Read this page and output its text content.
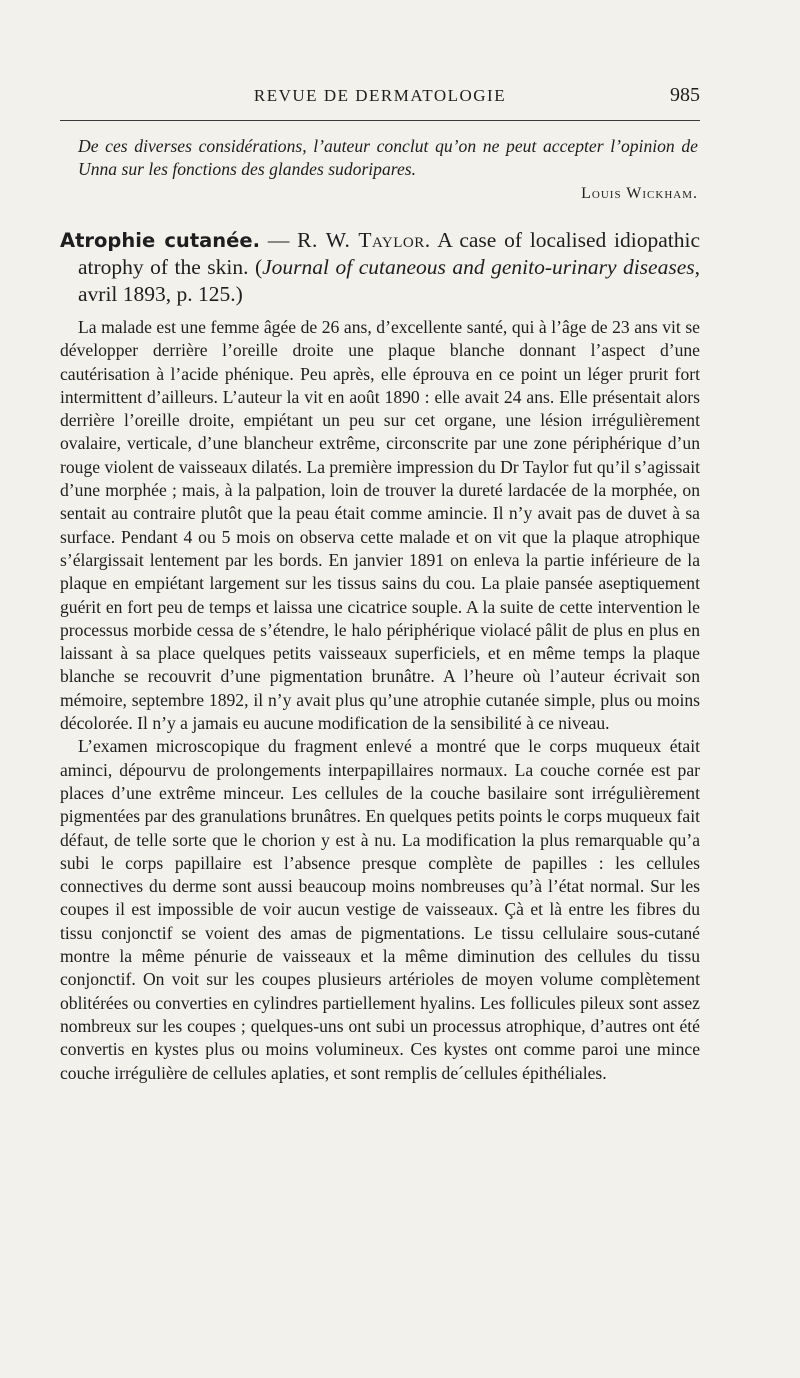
REVUE DE DERMATOLOGIE	985

De ces diverses considérations, l’auteur conclut qu’on ne peut accepter l’opinion de Unna sur les fonctions des glandes sudoripares.

Louis Wickham.
Atrophie cutanée. — R. W. Taylor. A case of localised idiopathic atrophy of the skin. (Journal of cutaneous and genito-urinary diseases, avril 1893, p. 125.)

La malade est une femme âgée de 26 ans, d’excellente santé, qui à l’âge de 23 ans vit se développer derrière l’oreille droite une plaque blanche donnant l’aspect d’une cautérisation à l’acide phénique. Peu après, elle éprouva en ce point un léger prurit fort intermittent d’ailleurs. L’auteur la vit en août 1890 : elle avait 24 ans. Elle présentait alors derrière l’oreille droite, empiétant un peu sur cet organe, une lésion irrégulièrement ovalaire, verticale, d’une blancheur extrême, circonscrite par une zone périphérique d’un rouge violent de vaisseaux dilatés. La première impression du Dr Taylor fut qu’il s’agissait d’une morphée ; mais, à la palpation, loin de trouver la dureté lardacée de la morphée, on sentait au contraire plutôt que la peau était comme amincie. Il n’y avait pas de duvet à sa surface. Pendant 4 ou 5 mois on observa cette malade et on vit que la plaque atrophique s’élargissait lentement par les bords. En janvier 1891 on enleva la partie inférieure de la plaque en empiétant largement sur les tissus sains du cou. La plaie pansée aseptiquement guérit en fort peu de temps et laissa une cicatrice souple. A la suite de cette intervention le processus morbide cessa de s’étendre, le halo périphérique violacé pâlit de plus en plus en laissant à sa place quelques petits vaisseaux superficiels, et en même temps la plaque blanche se recouvrit d’une pigmentation brunâtre. A l’heure où l’auteur écrivait son mémoire, septembre 1892, il n’y avait plus qu’une atrophie cutanée simple, plus ou moins décolorée. Il n’y a jamais eu aucune modification de la sensibilité à ce niveau.

L’examen microscopique du fragment enlevé a montré que le corps muqueux était aminci, dépourvu de prolongements interpapillaires normaux. La couche cornée est par places d’une extrême minceur. Les cellules de la couche basilaire sont irrégulièrement pigmentées par des granulations brunâtres. En quelques petits points le corps muqueux fait défaut, de telle sorte que le chorion y est à nu. La modification la plus remarquable qu’a subi le corps papillaire est l’absence presque complète de papilles : les cellules connectives du derme sont aussi beaucoup moins nombreuses qu’à l’état normal. Sur les coupes il est impossible de voir aucun vestige de vaisseaux. Çà et là entre les fibres du tissu conjonctif se voient des amas de pigmentations. Le tissu cellulaire sous-cutané montre la même pénurie de vaisseaux et la même diminution des cellules du tissu conjonctif. On voit sur les coupes plusieurs artérioles de moyen volume complètement oblitérées ou converties en cylindres partiellement hyalins. Les follicules pileux sont assez nombreux sur les coupes ; quelques-uns ont subi un processus atrophique, d’autres ont été convertis en kystes plus ou moins volumineux. Ces kystes ont comme paroi une mince couche irrégulière de cellules aplaties, et sont remplis de´cellules épithéliales.
